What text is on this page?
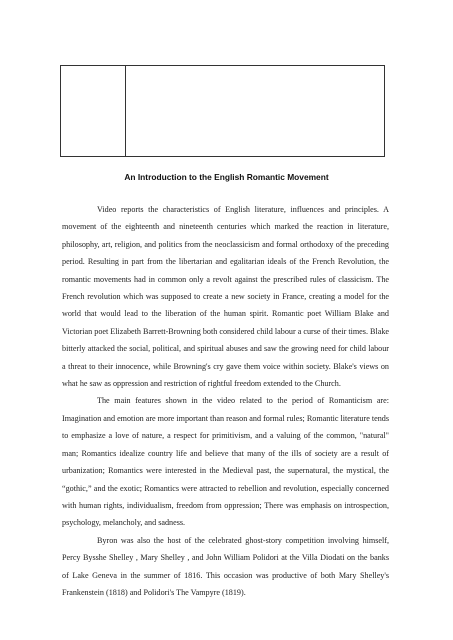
An Introduction to the English Romantic Movement

Video reports the characteristics of English literature, influences and principles. A movement of the eighteenth and nineteenth centuries which marked the reaction in literature, philosophy, art, religion, and politics from the neoclassicism and formal orthodoxy of the preceding period. Resulting in part from the libertarian and egalitarian ideals of the French Revolution, the romantic movements had in common only a revolt against the prescribed rules of classicism. The French revolution which was supposed to create a new society in France, creating a model for the world that would lead to the liberation of the human spirit. Romantic poet William Blake and Victorian poet Elizabeth Barrett-Browning both considered child labour a curse of their times. Blake bitterly attacked the social, political, and spiritual abuses and saw the growing need for child labour a threat to their innocence, while Browning's cry gave them voice within society. Blake's views on what he saw as oppression and restriction of rightful freedom extended to the Church.

The main features shown in the video related to the period of Romanticism are: Imagination and emotion are more important than reason and formal rules; Romantic literature tends to emphasize a love of nature, a respect for primitivism, and a valuing of the common, "natural" man; Romantics idealize country life and believe that many of the ills of society are a result of urbanization; Romantics were interested in the Medieval past, the supernatural, the mystical, the “gothic,” and the exotic; Romantics were attracted to rebellion and revolution, especially concerned with human rights, individualism, freedom from oppression; There was emphasis on introspection, psychology, melancholy, and sadness.

Byron was also the host of the celebrated ghost-story competition involving himself, Percy Bysshe Shelley , Mary Shelley , and John William Polidori at the Villa Diodati on the banks of Lake Geneva in the summer of 1816. This occasion was productive of both Mary Shelley's Frankenstein (1818) and Polidori's The Vampyre (1819).
